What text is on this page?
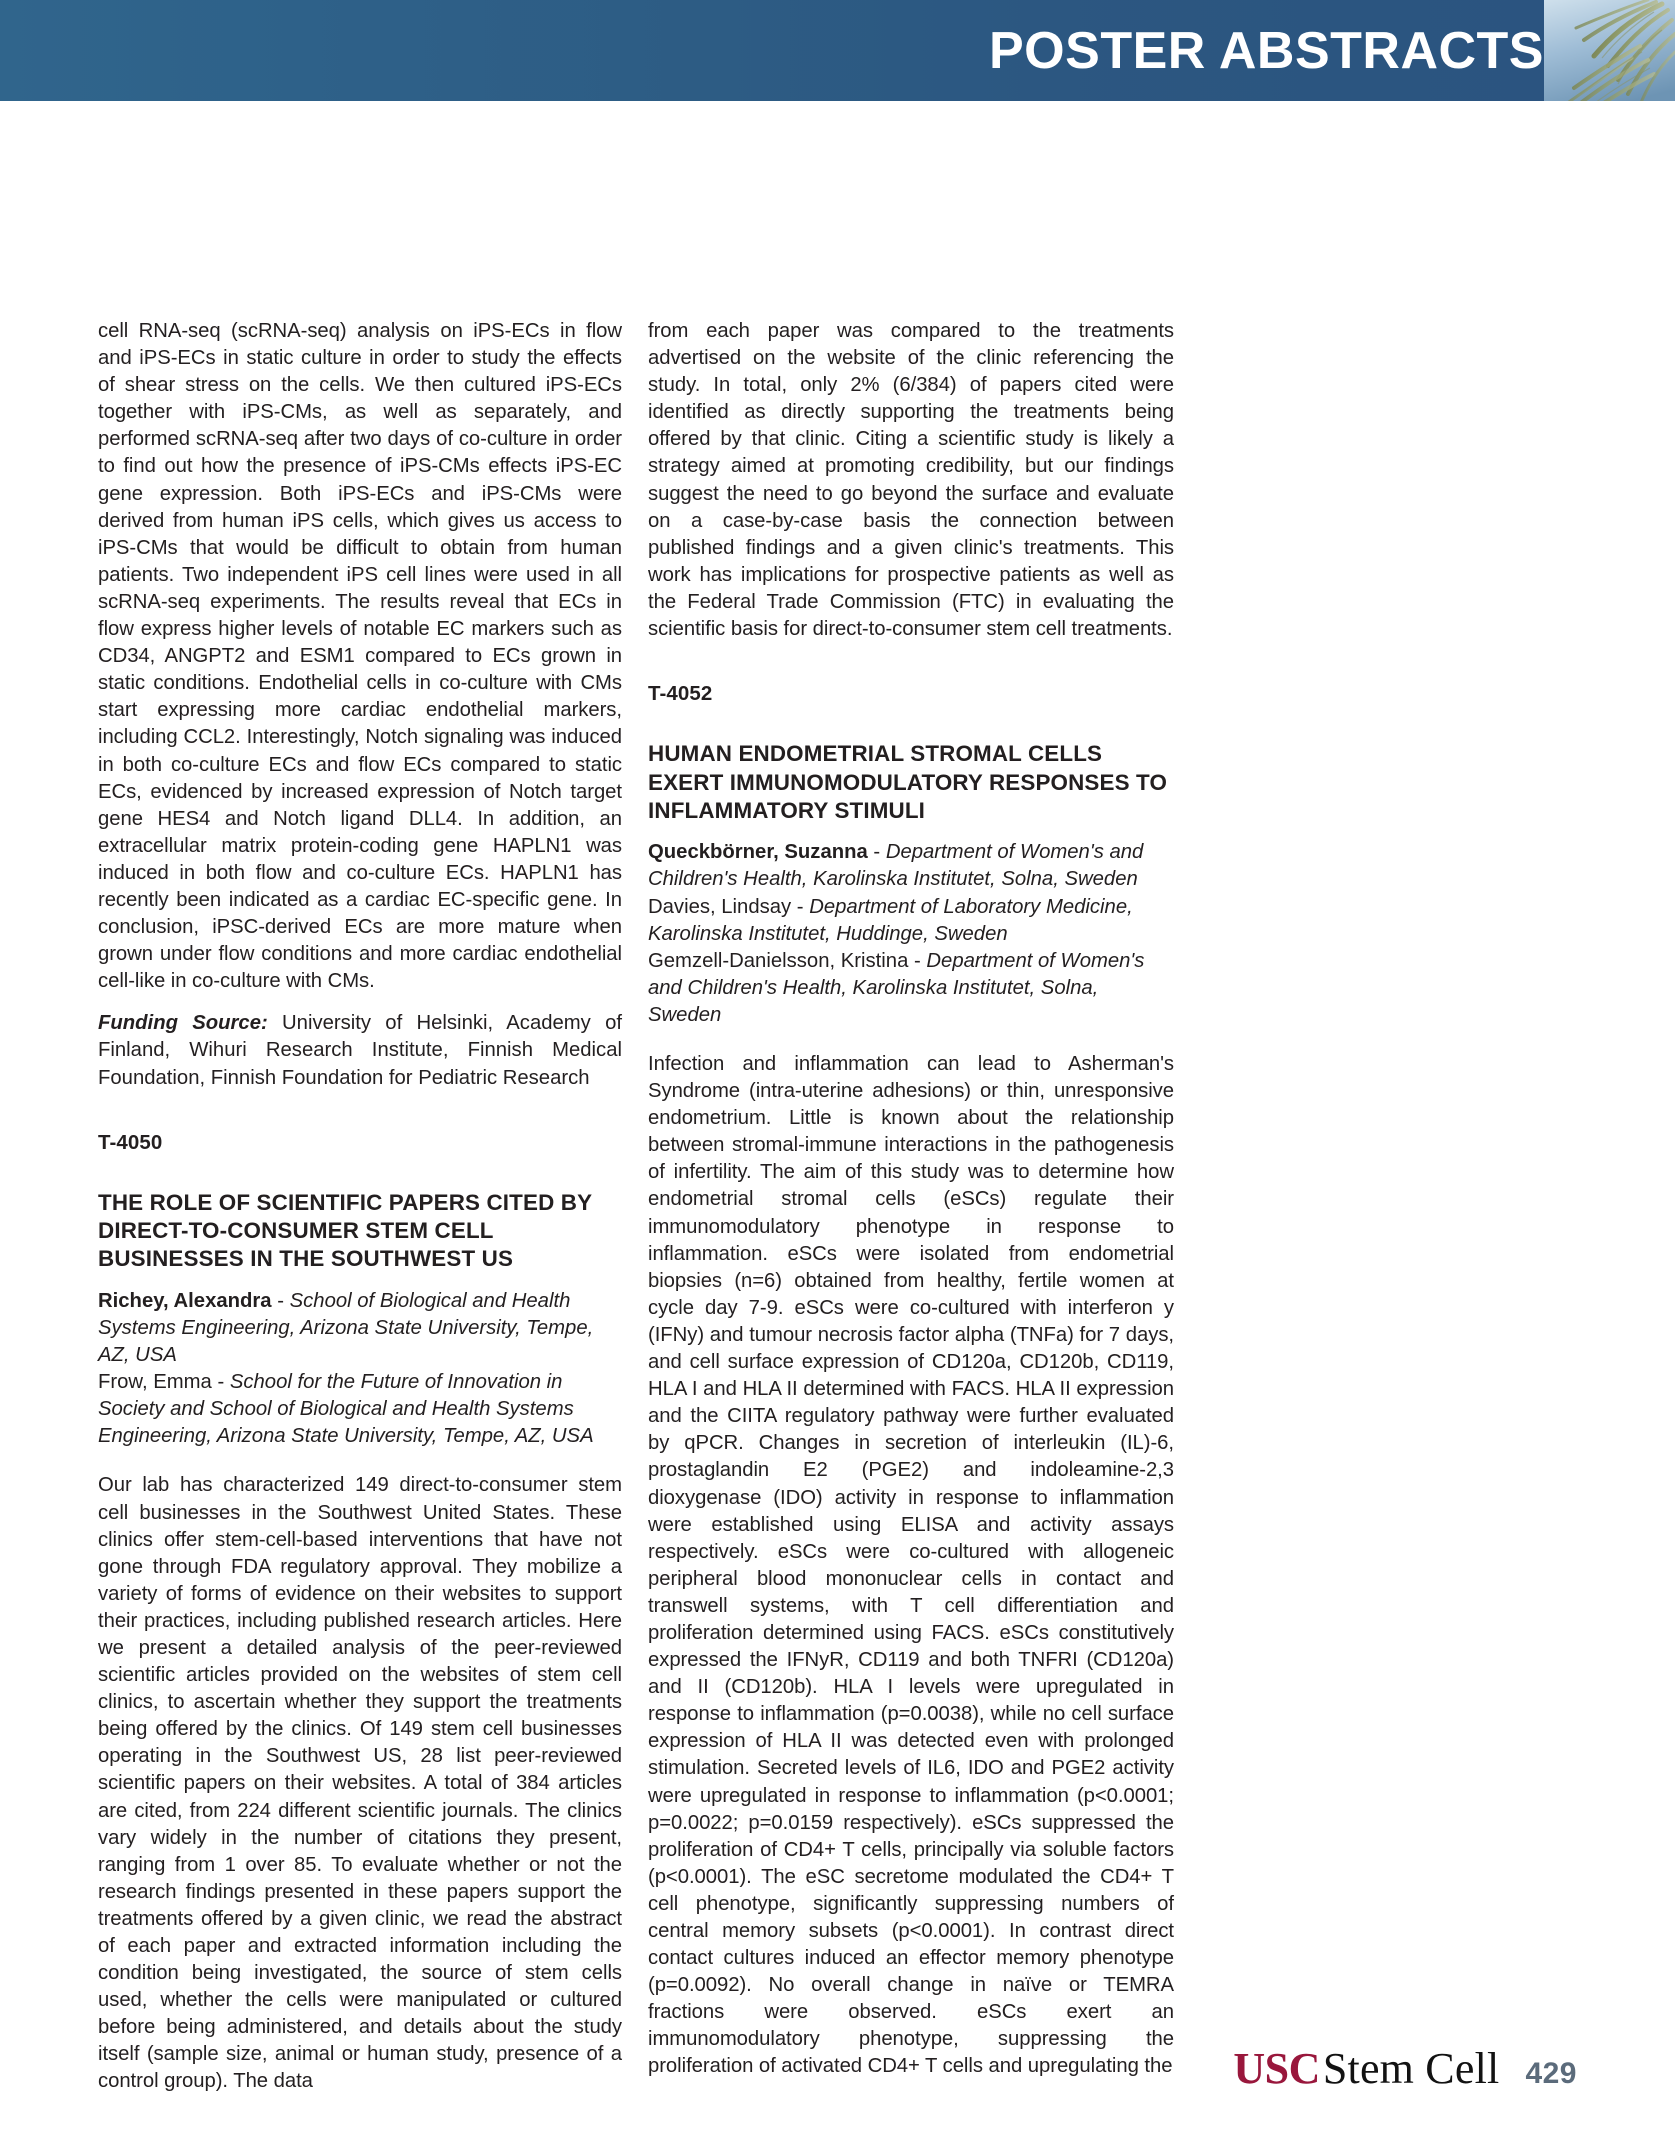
POSTER ABSTRACTS

cell RNA-seq (scRNA-seq) analysis on iPS-ECs in flow and iPS-ECs in static culture in order to study the effects of shear stress on the cells. We then cultured iPS-ECs together with iPS-CMs, as well as separately, and performed scRNA-seq after two days of co-culture in order to find out how the presence of iPS-CMs effects iPS-EC gene expression. Both iPS-ECs and iPS-CMs were derived from human iPS cells, which gives us access to iPS-CMs that would be difficult to obtain from human patients. Two independent iPS cell lines were used in all scRNA-seq experiments. The results reveal that ECs in flow express higher levels of notable EC markers such as CD34, ANGPT2 and ESM1 compared to ECs grown in static conditions. Endothelial cells in co-culture with CMs start expressing more cardiac endothelial markers, including CCL2. Interestingly, Notch signaling was induced in both co-culture ECs and flow ECs compared to static ECs, evidenced by increased expression of Notch target gene HES4 and Notch ligand DLL4. In addition, an extracellular matrix protein-coding gene HAPLN1 was induced in both flow and co-culture ECs. HAPLN1 has recently been indicated as a cardiac EC-specific gene. In conclusion, iPSC-derived ECs are more mature when grown under flow conditions and more cardiac endothelial cell-like in co-culture with CMs.

Funding Source: University of Helsinki, Academy of Finland, Wihuri Research Institute, Finnish Medical Foundation, Finnish Foundation for Pediatric Research

T-4050
THE ROLE OF SCIENTIFIC PAPERS CITED BY DIRECT-TO-CONSUMER STEM CELL BUSINESSES IN THE SOUTHWEST US
Richey, Alexandra - School of Biological and Health Systems Engineering, Arizona State University, Tempe, AZ, USA
Frow, Emma - School for the Future of Innovation in Society and School of Biological and Health Systems Engineering, Arizona State University, Tempe, AZ, USA

Our lab has characterized 149 direct-to-consumer stem cell businesses in the Southwest United States. These clinics offer stem-cell-based interventions that have not gone through FDA regulatory approval. They mobilize a variety of forms of evidence on their websites to support their practices, including published research articles. Here we present a detailed analysis of the peer-reviewed scientific articles provided on the websites of stem cell clinics, to ascertain whether they support the treatments being offered by the clinics. Of 149 stem cell businesses operating in the Southwest US, 28 list peer-reviewed scientific papers on their websites. A total of 384 articles are cited, from 224 different scientific journals. The clinics vary widely in the number of citations they present, ranging from 1 over 85. To evaluate whether or not the research findings presented in these papers support the treatments offered by a given clinic, we read the abstract of each paper and extracted information including the condition being investigated, the source of stem cells used, whether the cells were manipulated or cultured before being administered, and details about the study itself (sample size, animal or human study, presence of a control group). The data

from each paper was compared to the treatments advertised on the website of the clinic referencing the study. In total, only 2% (6/384) of papers cited were identified as directly supporting the treatments being offered by that clinic. Citing a scientific study is likely a strategy aimed at promoting credibility, but our findings suggest the need to go beyond the surface and evaluate on a case-by-case basis the connection between published findings and a given clinic's treatments. This work has implications for prospective patients as well as the Federal Trade Commission (FTC) in evaluating the scientific basis for direct-to-consumer stem cell treatments.

T-4052
HUMAN ENDOMETRIAL STROMAL CELLS EXERT IMMUNOMODULATORY RESPONSES TO INFLAMMATORY STIMULI
Queckbörner, Suzanna - Department of Women's and Children's Health, Karolinska Institutet, Solna, Sweden
Davies, Lindsay - Department of Laboratory Medicine, Karolinska Institutet, Huddinge, Sweden
Gemzell-Danielsson, Kristina - Department of Women's and Children's Health, Karolinska Institutet, Solna, Sweden

Infection and inflammation can lead to Asherman's Syndrome (intra-uterine adhesions) or thin, unresponsive endometrium. Little is known about the relationship between stromal-immune interactions in the pathogenesis of infertility. The aim of this study was to determine how endometrial stromal cells (eSCs) regulate their immunomodulatory phenotype in response to inflammation. eSCs were isolated from endometrial biopsies (n=6) obtained from healthy, fertile women at cycle day 7-9. eSCs were co-cultured with interferon y (IFNy) and tumour necrosis factor alpha (TNFa) for 7 days, and cell surface expression of CD120a, CD120b, CD119, HLA I and HLA II determined with FACS. HLA II expression and the CIITA regulatory pathway were further evaluated by qPCR. Changes in secretion of interleukin (IL)-6, prostaglandin E2 (PGE2) and indoleamine-2,3 dioxygenase (IDO) activity in response to inflammation were established using ELISA and activity assays respectively. eSCs were co-cultured with allogeneic peripheral blood mononuclear cells in contact and transwell systems, with T cell differentiation and proliferation determined using FACS. eSCs constitutively expressed the IFNyR, CD119 and both TNFRI (CD120a) and II (CD120b). HLA I levels were upregulated in response to inflammation (p=0.0038), while no cell surface expression of HLA II was detected even with prolonged stimulation. Secreted levels of IL6, IDO and PGE2 activity were upregulated in response to inflammation (p<0.0001; p=0.0022; p=0.0159 respectively). eSCs suppressed the proliferation of CD4+ T cells, principally via soluble factors (p<0.0001). The eSC secretome modulated the CD4+ T cell phenotype, significantly suppressing numbers of central memory subsets (p<0.0001). In contrast direct contact cultures induced an effector memory phenotype (p=0.0092). No overall change in naïve or TEMRA fractions were observed. eSCs exert an immunomodulatory phenotype, suppressing the proliferation of activated CD4+ T cells and upregulating the	USCStem Cell 429
